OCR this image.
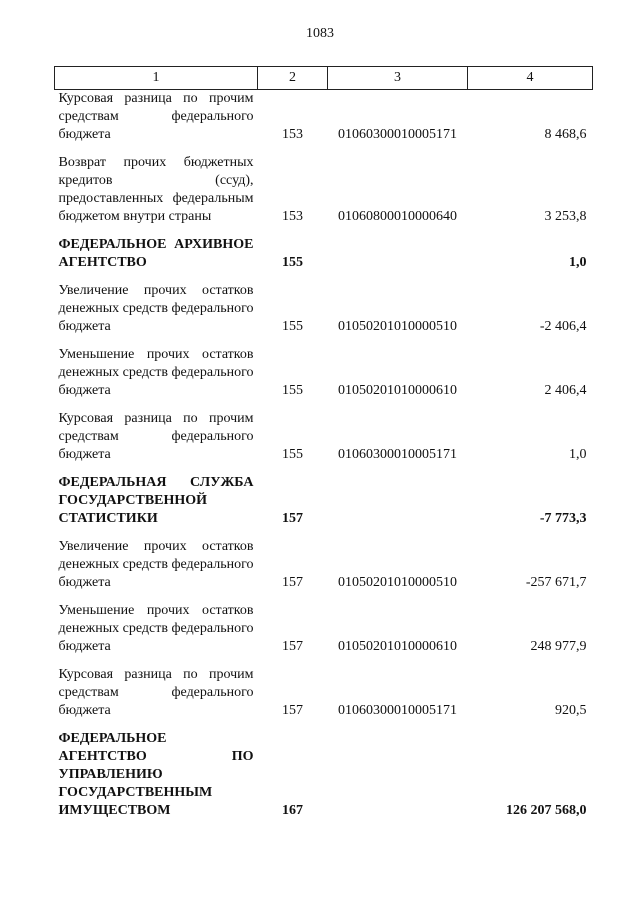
1083
1	2	3	4
Курсовая разница по прочим средствам федерального бюджета	153	01060300010005171	8 468,6
Возврат прочих бюджетных кредитов (ссуд), предоставленных федеральным бюджетом внутри страны	153	01060800010000640	3 253,8
ФЕДЕРАЛЬНОЕ АРХИВНОЕ АГЕНТСТВО	155		1,0
Увеличение прочих остатков денежных средств федерального бюджета	155	01050201010000510	-2 406,4
Уменьшение прочих остатков денежных средств федерального бюджета	155	01050201010000610	2 406,4
Курсовая разница по прочим средствам федерального бюджета	155	01060300010005171	1,0
ФЕДЕРАЛЬНАЯ СЛУЖБА ГОСУДАРСТВЕННОЙ СТАТИСТИКИ	157		-7 773,3
Увеличение прочих остатков денежных средств федерального бюджета	157	01050201010000510	-257 671,7
Уменьшение прочих остатков денежных средств федерального бюджета	157	01050201010000610	248 977,9
Курсовая разница по прочим средствам федерального бюджета	157	01060300010005171	920,5
ФЕДЕРАЛЬНОЕ АГЕНТСТВО ПО УПРАВЛЕНИЮ ГОСУДАРСТВЕННЫМ ИМУЩЕСТВОМ	167		126 207 568,0
